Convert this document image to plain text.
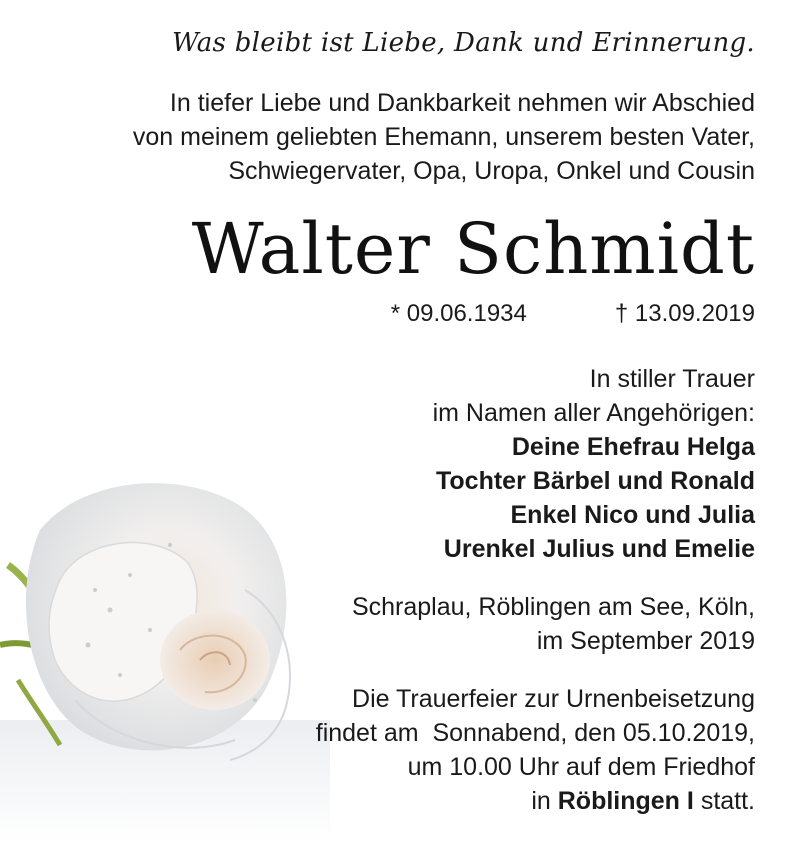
Was bleibt ist Liebe, Dank und Erinnerung.
In tiefer Liebe und Dankbarkeit nehmen wir Abschied
von meinem geliebten Ehemann, unserem besten Vater,
Schwiegervater, Opa, Uropa, Onkel und Cousin
Walter Schmidt
* 09.06.1934	† 13.09.2019
In stiller Trauer
im Namen aller Angehörigen:
Deine Ehefrau Helga
Tochter Bärbel und Ronald
Enkel Nico und Julia
Urenkel Julius und Emelie
Schraplau, Röblingen am See, Köln,
im September 2019
Die Trauerfeier zur Urnenbeisetzung
findet am  Sonnabend, den 05.10.2019,
um 10.00 Uhr auf dem Friedhof
in Röblingen I statt.
